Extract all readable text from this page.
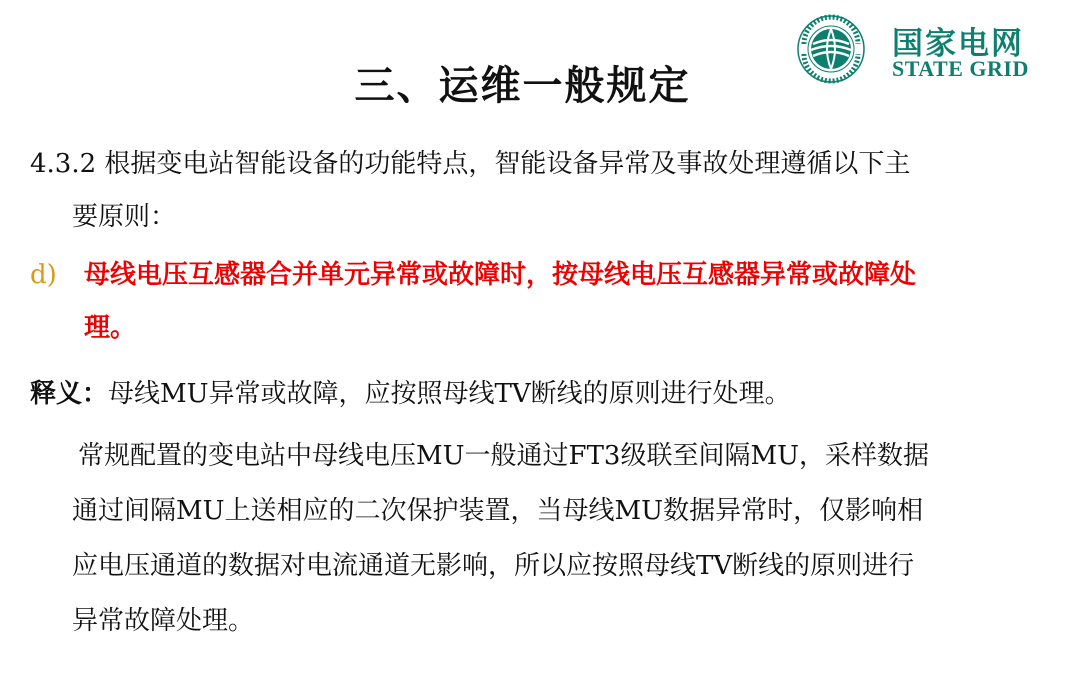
国家电网
STATE GRID
三、运维一般规定

4.3.2 根据变电站智能设备的功能特点，智能设备异常及事故处理遵循以下主
要原则：

d) 母线电压互感器合并单元异常或故障时，按母线电压互感器异常或故障处
理。

释义：母线MU异常或故障，应按照母线TV断线的原则进行处理。

常规配置的变电站中母线电压MU一般通过FT3级联至间隔MU，采样数据
通过间隔MU上送相应的二次保护装置，当母线MU数据异常时，仅影响相
应电压通道的数据对电流通道无影响，所以应按照母线TV断线的原则进行
异常故障处理。
